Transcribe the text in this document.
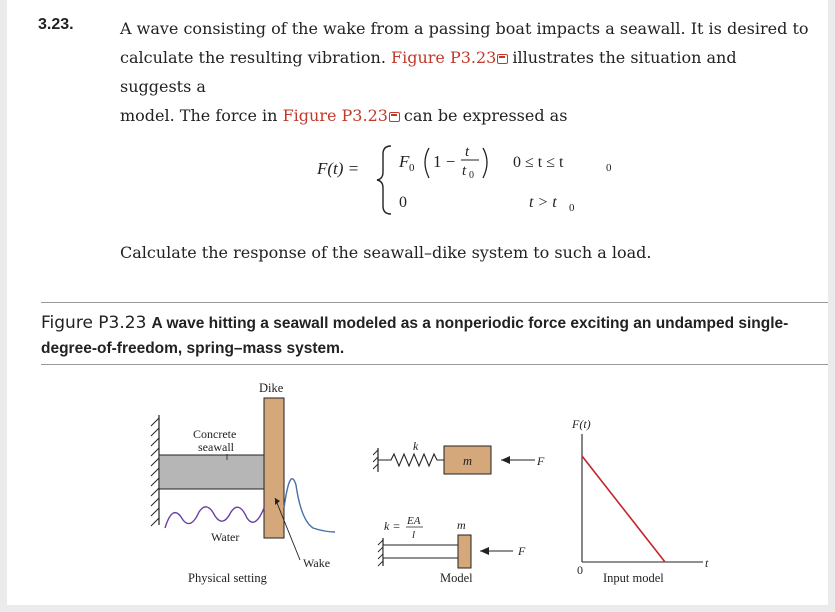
3.23.	A wave consisting of the wake from a passing boat impacts a seawall. It is desired to
calculate the resulting vibration. Figure P3.23 illustrates the situation and suggests a
model. The force in Figure P3.23 can be expressed as
F(t) = F 0 1 − t
t 0
0 ≤ t ≤ t	0
0	t > t 0
Calculate the response of the seawall–dike system to such a load.
Figure P3.23 A wave hitting a seawall modeled as a nonperiodic force exciting an undamped single-degree-of-freedom, spring–mass system.
Dike
Concrete
seawall
Water
Wake
Physical setting
k
m	F
k = EA
l
m
F
Model
F(t)
0	t
Input model
